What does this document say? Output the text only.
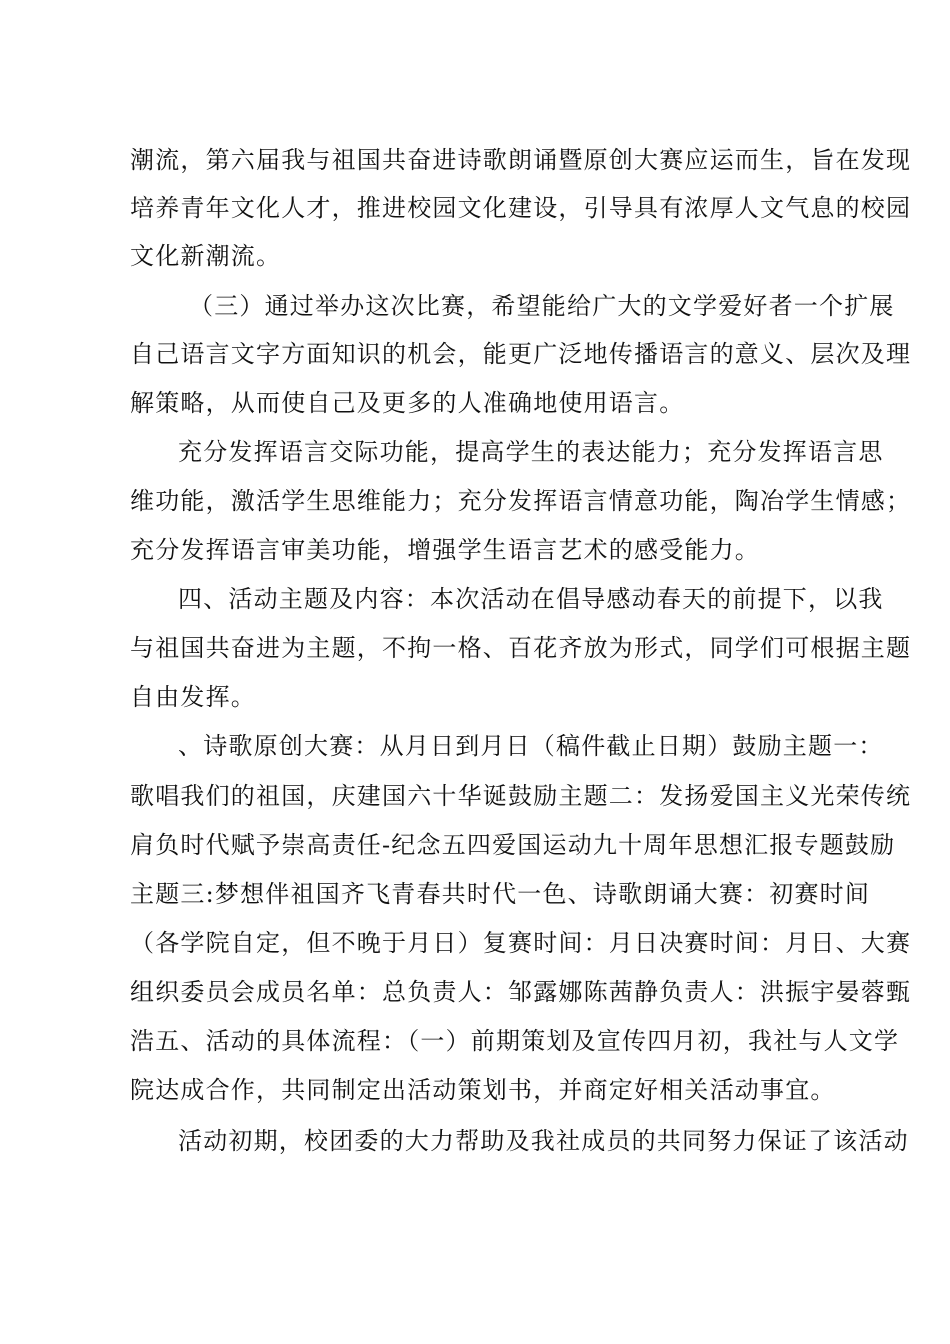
潮流，第六届我与祖国共奋进诗歌朗诵暨原创大赛应运而生，旨在发现
培养青年文化人才，推进校园文化建设，引导具有浓厚人文气息的校园
文化新潮流。
（三）通过举办这次比赛，希望能给广大的文学爱好者一个扩展
自己语言文字方面知识的机会，能更广泛地传播语言的意义、层次及理
解策略，从而使自己及更多的人准确地使用语言。
充分发挥语言交际功能，提高学生的表达能力；充分发挥语言思
维功能，激活学生思维能力；充分发挥语言情意功能，陶冶学生情感；
充分发挥语言审美功能，增强学生语言艺术的感受能力。
四、活动主题及内容：本次活动在倡导感动春天的前提下，以我
与祖国共奋进为主题，不拘一格、百花齐放为形式，同学们可根据主题
自由发挥。
、诗歌原创大赛：从月日到月日（稿件截止日期）鼓励主题一：
歌唱我们的祖国，庆建国六十华诞鼓励主题二：发扬爱国主义光荣传统
肩负时代赋予崇高责任-纪念五四爱国运动九十周年思想汇报专题鼓励
主题三:梦想伴祖国齐飞青春共时代一色、诗歌朗诵大赛：初赛时间
（各学院自定，但不晚于月日）复赛时间：月日决赛时间：月日、大赛
组织委员会成员名单：总负责人：邹露娜陈茜静负责人：洪振宇晏蓉甄
浩五、活动的具体流程：（一）前期策划及宣传四月初，我社与人文学
院达成合作，共同制定出活动策划书，并商定好相关活动事宜。
活动初期，校团委的大力帮助及我社成员的共同努力保证了该活动
